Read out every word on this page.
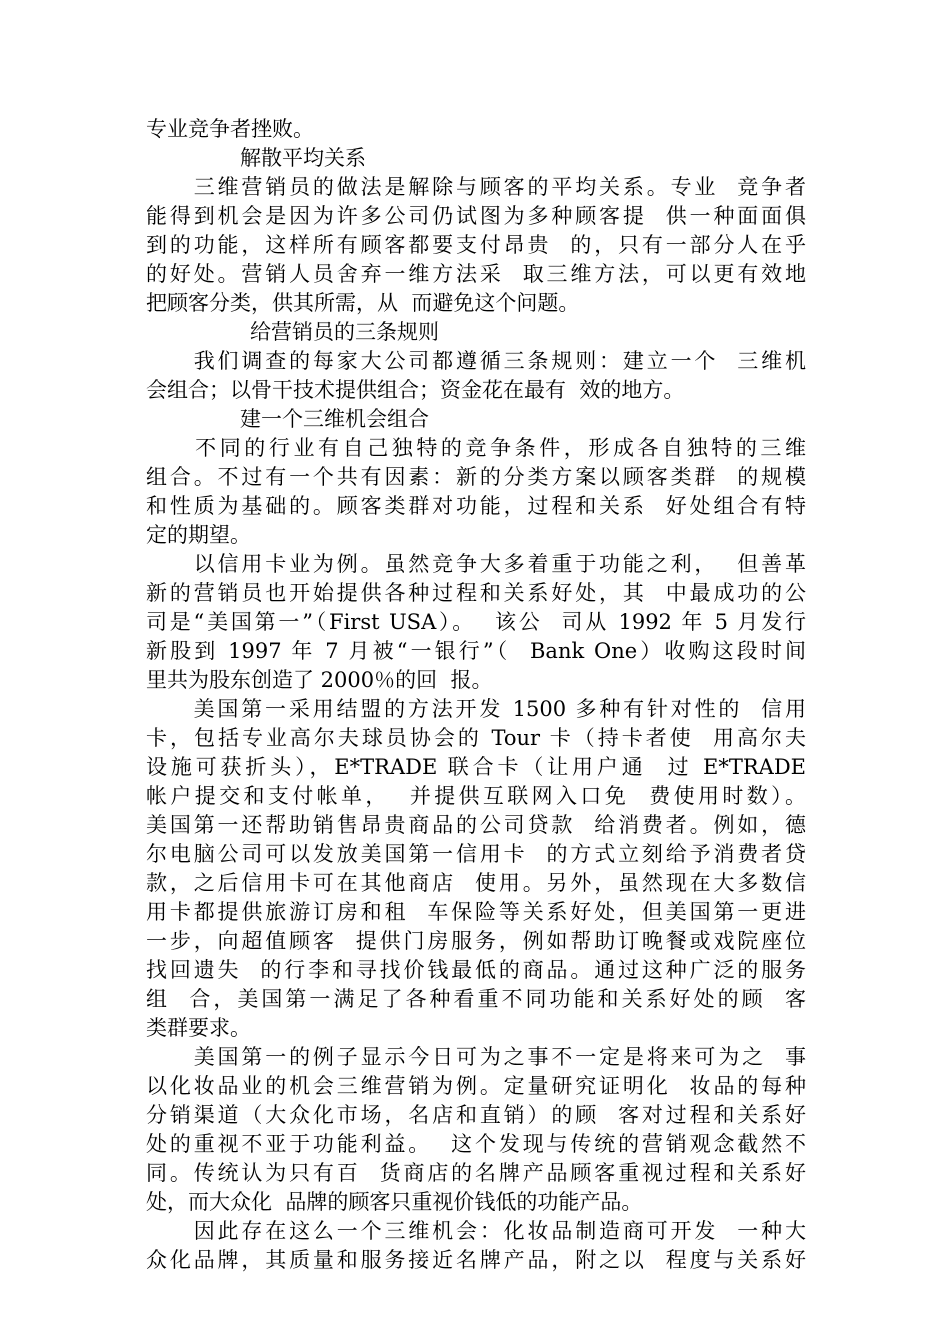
专业竞争者挫败。
解散平均关系
　　三维营销员的做法是解除与顾客的平均关系。专业  竞争者
能得到机会是因为许多公司仍试图为多种顾客提  供一种面面俱
到的功能，这样所有顾客都要支付昂贵  的，只有一部分人在乎
的好处。营销人员舍弃一维方法采  取三维方法，可以更有效地
把顾客分类，供其所需，从  而避免这个问题。
给营销员的三条规则
　　我们调查的每家大公司都遵循三条规则：建立一个  三维机
会组合；以骨干技术提供组合；资金花在最有  效的地方。
建一个三维机会组合
　　不同的行业有自己独特的竞争条件，形成各自独特的三维
组合。不过有一个共有因素：新的分类方案以顾客类群  的规模
和性质为基础的。顾客类群对功能，过程和关系  好处组合有特
定的期望。
　　以信用卡业为例。虽然竞争大多着重于功能之利，  但善革
新的营销员也开始提供各种过程和关系好处，其  中最成功的公
司是“美国第一”（First USA）。  该公  司从 1992 年 5 月发行
新股到 1997 年 7 月被“一银行”（  Bank One）收购这段时间
里共为股东创造了 2000％的回  报。
　　美国第一采用结盟的方法开发 1500 多种有针对性的  信用
卡，包括专业高尔夫球员协会的 Tour 卡（持卡者使  用高尔夫
设施可获折头），E*TRADE 联合卡（让用户通  过 E*TRADE
帐户提交和支付帐单，  并提供互联网入口免  费使用时数）。
美国第一还帮助销售昂贵商品的公司贷款  给消费者。例如，德
尔电脑公司可以发放美国第一信用卡  的方式立刻给予消费者贷
款，之后信用卡可在其他商店  使用。另外，虽然现在大多数信
用卡都提供旅游订房和租  车保险等关系好处，但美国第一更进
一步，向超值顾客  提供门房服务，例如帮助订晚餐或戏院座位
找回遗失  的行李和寻找价钱最低的商品。通过这种广泛的服务
组  合，美国第一满足了各种看重不同功能和关系好处的顾  客
类群要求。
　　美国第一的例子显示今日可为之事不一定是将来可为之  事
以化妆品业的机会三维营销为例。定量研究证明化  妆品的每种
分销渠道（大众化市场，名店和直销）的顾  客对过程和关系好
处的重视不亚于功能利益。  这个发现与传统的营销观念截然不
同。传统认为只有百  货商店的名牌产品顾客重视过程和关系好
处，而大众化  品牌的顾客只重视价钱低的功能产品。
　　因此存在这么一个三维机会：化妆品制造商可开发  一种大
众化品牌，其质量和服务接近名牌产品，附之以  程度与关系好
